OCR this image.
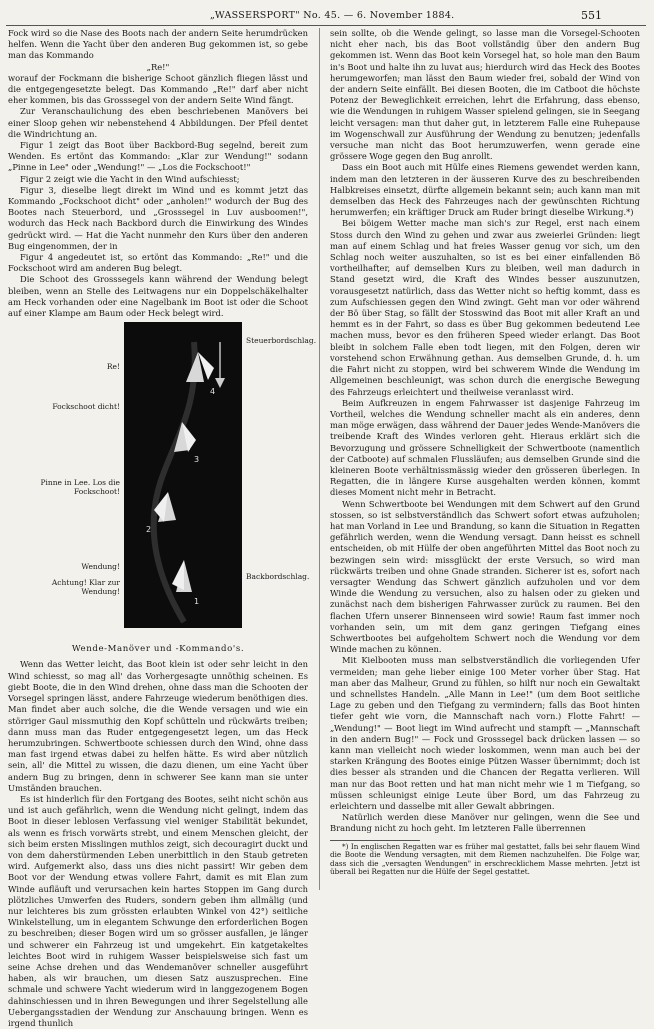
„WASSERSPORT" No. 45. — 6. November 1884.	551

Fock wird so die Nase des Boots nach der andern Seite herumdrücken helfen. Wenn die Yacht über den anderen Bug gekommen ist, so gebe man das Kommando

„Re!"

worauf der Fockmann die bisherige Schoot gänzlich fliegen lässt und die entgegengesetzte belegt. Das Kommando „Re!" darf aber nicht eher kommen, bis das Grosssegel von der andern Seite Wind fängt.

Zur Veranschaulichung des eben beschriebenen Manövers bei einer Sloop gehen wir nebenstehend 4 Abbildungen. Der Pfeil dentet die Windrichtung an.

Figur 1 zeigt das Boot über Backbord-Bug segelnd, bereit zum Wenden. Es ertönt das Kommando: „Klar zur Wendung!" sodann „Pinne in Lee" oder „Wendung!" — „Los die Fockschoot!"

Figur 2 zeigt wie die Yacht in den Wind aufschiesst;

Figur 3, dieselbe liegt direkt im Wind und es kommt jetzt das Kommando „Fockschoot dicht" oder „anholen!" wodurch der Bug des Bootes nach Steuerbord, und „Grosssegel in Luv ausboomen!", wodurch das Heck nach Backbord durch die Einwirkung des Windes gedrückt wird. — Hat die Yacht nunmehr den Kurs über den anderen Bug eingenommen, der in

Figur 4 angedeutet ist, so ertönt das Kommando: „Re!" und die Fockschoot wird am anderen Bug belegt.

Die Schoot des Grosssegels kann während der Wendung belegt bleiben, wenn an Stelle des Leitwagens nur ein Doppelschäkelhalter am Heck vorhanden oder eine Nagelbank im Boot ist oder die Schoot auf einer Klampe am Baum oder Heck belegt wird.

Steuerbordschlag.
Re!
Fockschoot dicht!
Pinne in Lee. Los die Fockschoot!
Wendung!
Achtung! Klar zur Wendung!
Backbordschlag.
1
2
3
4
Wende-Manöver und -Kommando's.

Wenn das Wetter leicht, das Boot klein ist oder sehr leicht in den Wind schiesst, so mag all' das Vorhergesagte unnöthig scheinen. Es giebt Boote, die in den Wind drehen, ohne dass man die Schooten der Vorsegel springen lässt, andere Fahrzeuge wiederum benöthigen dies. Man findet aber auch solche, die die Wende versagen und wie ein störriger Gaul missmuthig den Kopf schütteln und rückwärts treiben; dann muss man das Ruder entgegengesetzt legen, um das Heck herumzubringen. Schwertboote schiessen durch den Wind, ohne dass man fast irgend etwas dabei zu helfen hätte. Es wird aber nützlich sein, all' die Mittel zu wissen, die dazu dienen, um eine Yacht über andern Bug zu bringen, denn in schwerer See kann man sie unter Umständen brauchen.

Es ist hinderlich für den Fortgang des Bootes, seiht nicht schön aus und ist auch gefährlich, wenn die Wendung nicht gelingt, indem das Boot in dieser leblosen Verfassung viel weniger Stabilität bekundet, als wenn es frisch vorwärts strebt, und einem Menschen gleicht, der sich beim ersten Misslingen muthlos zeigt, sich decouragirt duckt und von dem daherstürmenden Leben unerbittlich in den Staub getreten wird. Aufgemerkt also, dass uns dies nicht passirt! Wir geben dem Boot vor der Wendung etwas vollere Fahrt, damit es mit Elan zum Winde aufläuft und verursachen kein hartes Stoppen im Gang durch plötzliches Umwerfen des Ruders, sondern geben ihm allmälig (und nur leichteres bis zum grössten erlaubten Winkel von 42°) seitliche Winkelstellung, um in elegantem Schwunge den erforderlichen Bogen zu beschreiben; dieser Bogen wird um so grösser ausfallen, je länger und schwerer ein Fahrzeug ist und umgekehrt. Ein katgetakeltes leichtes Boot wird in ruhigem Wasser beispielsweise sich fast um seine Achse drehen und das Wendemanöver schneller ausgeführt haben, als wir brauchen, um diesen Satz auszusprechen. Eine schmale und schwere Yacht wiederum wird in langgezogenem Bogen dahinschiessen und in ihren Bewegungen und ihrer Segelstellung alle Uebergangsstadien der Wendung zur Anschauung bringen. Wenn es irgend thunlich

sein sollte, ob die Wende gelingt, so lasse man die Vorsegel-Schooten nicht eher nach, bis das Boot vollständig über den andern Bug gekommen ist. Wenn das Boot kein Vorsegel hat, so hole man den Baum in's Boot und halte ihn zu luvat aus; hierdurch wird das Heck des Bootes herumgeworfen; man lässt den Baum wieder frei, sobald der Wind von der andern Seite einfällt. Bei diesen Booten, die im Catboot die höchste Potenz der Beweglichkeit erreichen, lehrt die Erfahrung, dass ebenso, wie die Wendungen in ruhigem Wasser spielend gelingen, sie in Seegang leicht versagen: man thut daher gut, in letzterem Falle eine Ruhepause im Wogenschwall zur Ausführung der Wendung zu benutzen; jedenfalls versuche man nicht das Boot herumzuwerfen, wenn gerade eine grössere Woge gegen den Bug anrollt.

Dass ein Boot auch mit Hülfe eines Riemens gewendet werden kann, indem man den letzteren in der äusseren Kurve des zu beschreibenden Halbkreises einsetzt, dürfte allgemein bekannt sein; auch kann man mit demselben das Heck des Fahrzeuges nach der gewünschten Richtung herumwerfen; ein kräftiger Druck am Ruder bringt dieselbe Wirkung.*)

Bei böigem Wetter mache man sich's zur Regel, erst nach einem Stoss durch den Wind zu gehen und zwar aus zweierlei Gründen: liegt man auf einem Schlag und hat freies Wasser genug vor sich, um den Schlag noch weiter auszuhalten, so ist es bei einer einfallenden Bö vortheilhafter, auf demselben Kurs zu bleiben, weil man dadurch in Stand gesetzt wird, die Kraft des Windes besser auszunutzen, vorausgesetzt natürlich, dass das Wetter nicht so heftig kommt, dass es zum Aufschiessen gegen den Wind zwingt. Geht man vor oder während der Bö über Stag, so fällt der Stosswind das Boot mit aller Kraft an und hemmt es in der Fahrt, so dass es über Bug gekommen bedeutend Lee machen muss, bevor es den früheren Speed wieder erlangt. Das Boot bleibt in solchem Falle eben todt liegen, mit den Folgen, deren wir vorstehend schon Erwähnung gethan. Aus demselben Grunde, d. h. um die Fahrt nicht zu stoppen, wird bei schwerem Winde die Wendung im Allgemeinen beschleunigt, was schon durch die energische Bewegung des Fahrzeugs erleichtert und theilweise veranlasst wird.

Beim Aufkreuzen in engem Fahrwasser ist dasjenige Fahrzeug im Vortheil, welches die Wendung schneller macht als ein anderes, denn man möge erwägen, dass während der Dauer jedes Wende-Manövers die treibende Kraft des Windes verloren geht. Hieraus erklärt sich die Bevorzugung und grössere Schnelligkeit der Schwertboote (namentlich der Catboote) auf schmalen Flussläufen; aus demselben Grunde sind die kleineren Boote verhältnissmässig wieder den grösseren überlegen. In Regatten, die in längere Kurse ausgehalten werden können, kommt dieses Moment nicht mehr in Betracht.

Wenn Schwertboote bei Wendungen mit dem Schwert auf den Grund stossen, so ist selbstverständlich das Schwert sofort etwas aufzuholen; hat man Vorland in Lee und Brandung, so kann die Situation in Regatten gefährlich werden, wenn die Wendung versagt. Dann heisst es schnell entscheiden, ob mit Hülfe der oben angeführten Mittel das Boot noch zu bezwingen sein wird: missglückt der erste Versuch, so wird man rückwärts treiben und ohne Gnade stranden. Sicherer ist es, sofort nach versagter Wendung das Schwert gänzlich aufzuholen und vor dem Winde die Wendung zu versuchen, also zu halsen oder zu gieken und zunächst nach dem bisherigen Fahrwasser zurück zu raumen. Bei den flachen Ufern unserer Binnenseen wird sowie! Raum fast immer noch vorhanden sein, um mit dem ganz geringen Tiefgang eines Schwertbootes bei aufgeholtem Schwert noch die Wendung vor dem Winde machen zu können.

Mit Kielbooten muss man selbstverständlich die vorliegenden Ufer vermeiden; man gehe lieber einige 100 Meter vorher über Stag. Hat man aber das Malheur, Grund zu fühlen, so hilft nur noch ein Gewaltakt und schnellstes Handeln. „Alle Mann in Lee!" (um dem Boot seitliche Lage zu geben und den Tiefgang zu vermindern; falls das Boot hinten tiefer geht wie vorn, die Mannschaft nach vorn.) Flotte Fahrt! — „Wendung!" — Boot liegt im Wind aufrecht und stampft — „Mannschaft in den andern Bug!" — Fock und Grosssegel back drücken lassen — so kann man vielleicht noch wieder loskommen, wenn man auch bei der starken Krängung des Bootes einige Pützen Wasser übernimmt; doch ist dies besser als stranden und die Chancen der Regatta verlieren. Will man nur das Boot retten und hat man nicht mehr wie 1 m Tiefgang, so müssen schleunigst einige Leute über Bord, um das Fahrzeug zu erleichtern und dasselbe mit aller Gewalt abbringen.

Natürlich werden diese Manöver nur gelingen, wenn die See und Brandung nicht zu hoch geht. Im letzteren Falle überrennen

*) In englischen Regatten war es früher mal gestattet, falls bei sehr flauem Wind die Boote die Wendung versagten, mit dem Riemen nachzuhelfen. Die Folge war, dass sich die „versagten Wendungen" in erschrecklichem Masse mehrten. Jetzt ist überall bei Regatten nur die Hülfe der Segel gestattet.
